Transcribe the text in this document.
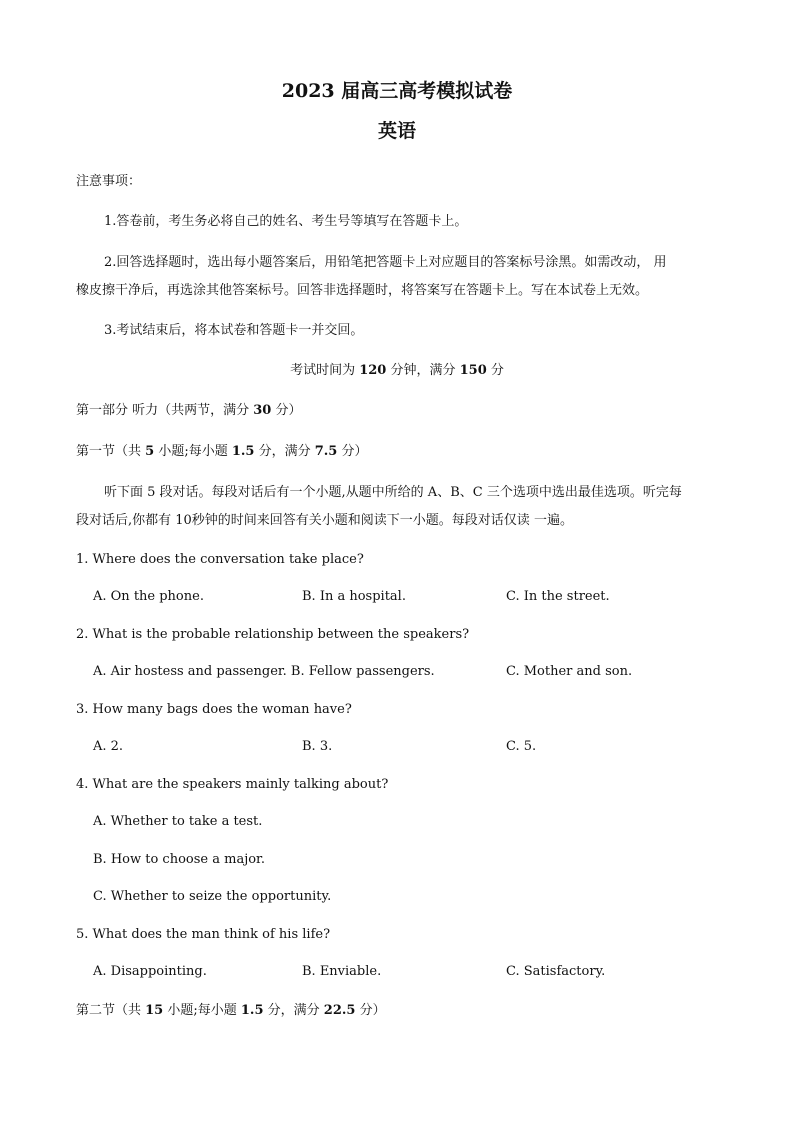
2023 届高三高考模拟试卷
英语
注意事项：
1.答卷前，考生务必将自己的姓名、考生号等填写在答题卡上。
2.回答选择题时，选出每小题答案后，用铅笔把答题卡上对应题目的答案标号涂黑。如需改动， 用
橡皮擦干净后，再选涂其他答案标号。回答非选择题时，将答案写在答题卡上。写在本试卷上无效。
3.考试结束后，将本试卷和答题卡一并交回。
考试时间为 120 分钟，满分 150 分
第一部分 听力（共两节，满分 30 分）
第一节（共 5 小题;每小题 1.5 分，满分 7.5 分）
听下面 5 段对话。每段对话后有一个小题,从题中所给的 A、B、C 三个选项中选出最佳选项。听完每
段对话后,你都有 10秒钟的时间来回答有关小题和阅读下一小题。每段对话仅读 一遍。
1. Where does the conversation take place?
A. On the phone.	B. In a hospital.	C. In the street.
2. What is the probable relationship between the speakers?
A. Air hostess and passenger. B. Fellow passengers.	C. Mother and son.
3. How many bags does the woman have?
A. 2.	B. 3.	C. 5.
4. What are the speakers mainly talking about?
A. Whether to take a test.
B. How to choose a major.
C. Whether to seize the opportunity.
5. What does the man think of his life?
A. Disappointing.	B. Enviable.	C. Satisfactory.
第二节（共 15 小题;每小题 1.5 分，满分 22.5 分）
